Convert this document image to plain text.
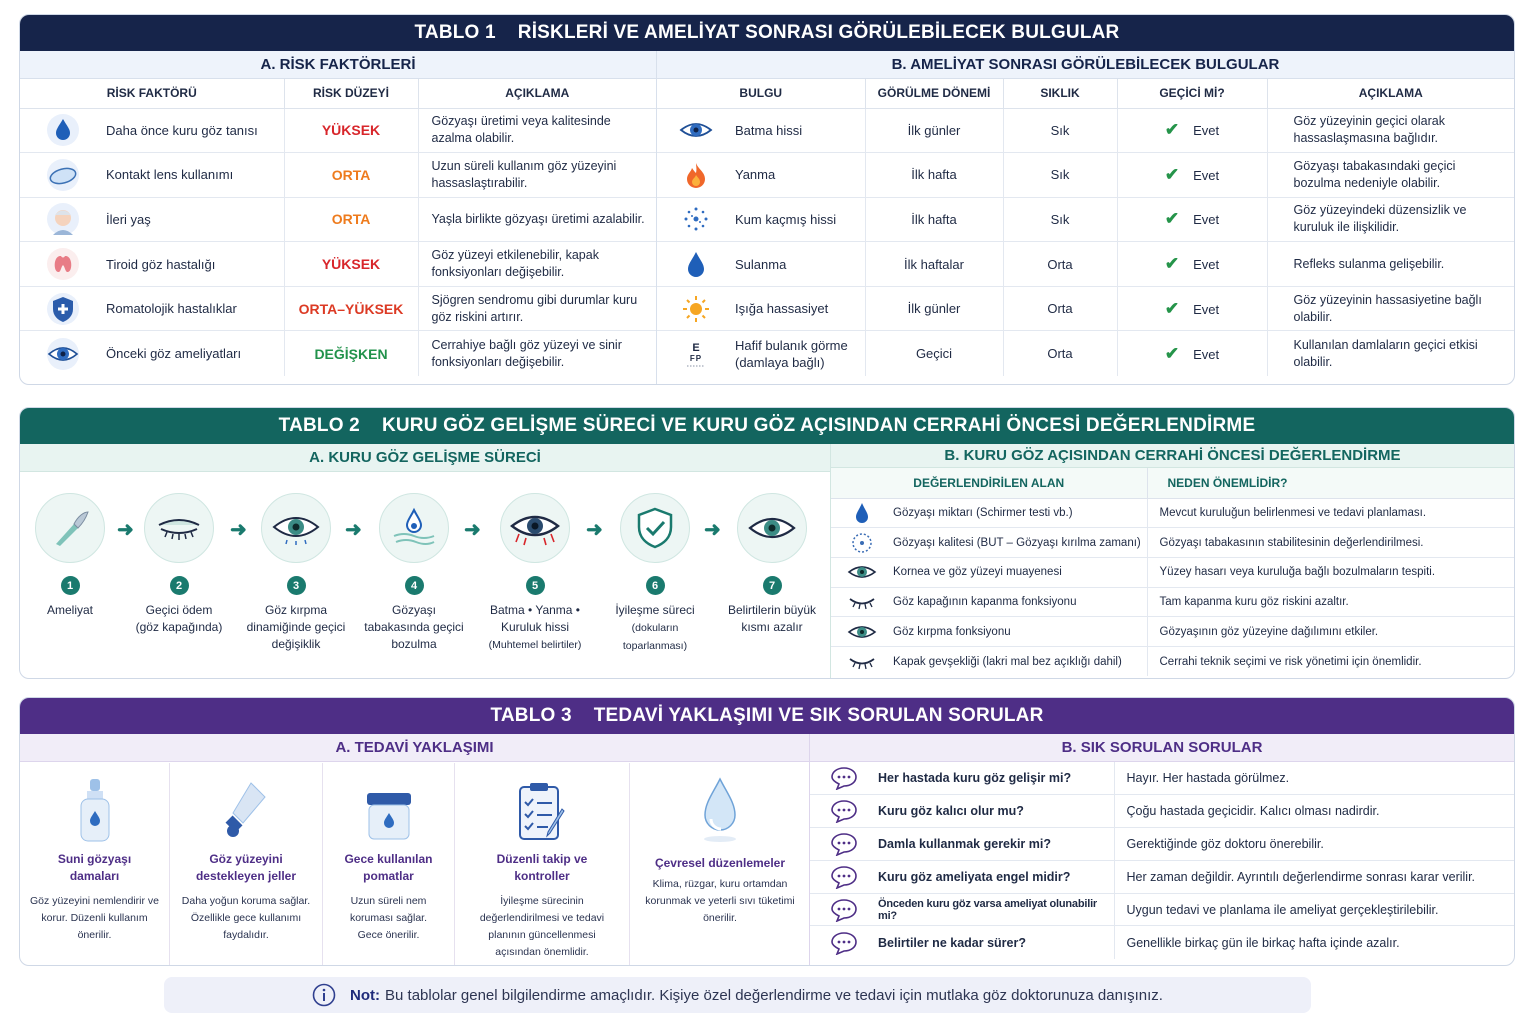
TABLO 1 RİSKLERİ VE AMELİYAT SONRASI GÖRÜLEBİLECEK BULGULAR
A. RİSK FAKTÖRLERİ
RİSK FAKTÖRÜ	RİSK DÜZEYİ	AÇIKLAMA

Daha önce kuru göz tanısı	YÜKSEK	Gözyaşı üretimi veya kalitesinde azalma olabilir.

Kontakt lens kullanımı	ORTA	Uzun süreli kullanım göz yüzeyini hassaslaştırabilir.

İleri yaş	ORTA	Yaşla birlikte gözyaşı üretimi azalabilir.

Tiroid göz hastalığı	YÜKSEK	Göz yüzeyi etkilenebilir, kapak fonksiyonları değişebilir.

Romatolojik hastalıklar	ORTA–YÜKSEK	Sjögren sendromu gibi durumlar kuru göz riskini artırır.

Önceki göz ameliyatları	DEĞİŞKEN	Cerrahiye bağlı göz yüzeyi ve sinir fonksiyonları değişebilir.
B. AMELİYAT SONRASI GÖRÜLEBİLECEK BULGULAR
BULGU	GÖRÜLME DÖNEMİ	SIKLIK	GEÇİCİ Mİ?	AÇIKLAMA

Batma hissi	İlk günler	Sık	✔ Evet	Göz yüzeyinin geçici olarak hassaslaşmasına bağlıdır.

Yanma	İlk hafta	Sık	✔ Evet	Gözyaşı tabakasındaki geçici bozulma nedeniyle olabilir.

Kum kaçmış hissi	İlk hafta	Sık	✔ Evet	Göz yüzeyindeki düzensizlik ve kuruluk ile ilişkilidir.

Sulanma	İlk haftalar	Orta	✔ Evet	Refleks sulanma gelişebilir.

Işığa hassasiyet	İlk günler	Orta	✔ Evet	Göz yüzeyinin hassasiyetine bağlı olabilir.

E
FP
Hafif bulanık görme (damlaya bağlı)	Geçici	Orta	✔ Evet	Kullanılan damlaların geçici etkisi olabilir.
TABLO 2 KURU GÖZ GELİŞME SÜRECİ VE KURU GÖZ AÇISINDAN CERRAHİ ÖNCESİ DEĞERLENDİRME
A. KURU GÖZ GELİŞME SÜRECİ
1
Ameliyat
➜
2
Geçici ödem
(göz kapağında)
➜
3
Göz kırpma dinamiğinde geçici değişiklik
➜
4
Gözyaşı tabakasında geçici bozulma
➜
5
Batma • Yanma • Kuruluk hissi
(Muhtemel belirtiler)
➜
6
İyileşme süreci
(dokuların toparlanması)
➜
7
Belirtilerin büyük kısmı azalır
B. KURU GÖZ AÇISINDAN CERRAHİ ÖNCESİ DEĞERLENDİRME
DEĞERLENDİRİLEN ALAN	NEDEN ÖNEMLİDİR?

Gözyaşı miktarı (Schirmer testi vb.)	Mevcut kuruluğun belirlenmesi ve tedavi planlaması.

Gözyaşı kalitesi (BUT – Gözyaşı kırılma zamanı)	Gözyaşı tabakasının stabilitesinin değerlendirilmesi.

Kornea ve göz yüzeyi muayenesi	Yüzey hasarı veya kuruluğa bağlı bozulmaların tespiti.

Göz kapağının kapanma fonksiyonu	Tam kapanma kuru göz riskini azaltır.

Göz kırpma fonksiyonu	Gözyaşının göz yüzeyine dağılımını etkiler.

Kapak gevşekliği (lakri mal bez açıklığı dahil)	Cerrahi teknik seçimi ve risk yönetimi için önemlidir.
TABLO 3 TEDAVİ YAKLAŞIMI VE SIK SORULAN SORULAR
A. TEDAVİ YAKLAŞIMI
Suni gözyaşı damaları
Göz yüzeyini nemlendirir ve korur. Düzenli kullanım önerilir.
Göz yüzeyini destekleyen jeller
Daha yoğun koruma sağlar. Özellikle gece kullanımı faydalıdır.
Gece kullanılan pomatlar
Uzun süreli nem koruması sağlar. Gece önerilir.
Düzenli takip ve kontroller
İyileşme sürecinin değerlendirilmesi ve tedavi planının güncellenmesi açısından önemlidir.
Çevresel düzenlemeler
Klima, rüzgar, kuru ortamdan korunmak ve yeterli sıvı tüketimi önerilir.
B. SIK SORULAN SORULAR
Her hastada kuru göz gelişir mi?	Hayır. Her hastada görülmez.

Kuru göz kalıcı olur mu?	Çoğu hastada geçicidir. Kalıcı olması nadirdir.

Damla kullanmak gerekir mi?	Gerektiğinde göz doktoru önerebilir.

Kuru göz ameliyata engel midir?	Her zaman değildir. Ayrıntılı değerlendirme sonrası karar verilir.

Önceden kuru göz varsa ameliyat olunabilir mi?	Uygun tedavi ve planlama ile ameliyat gerçekleştirilebilir.

Belirtiler ne kadar sürer?	Genellikle birkaç gün ile birkaç hafta içinde azalır.
Not: Bu tablolar genel bilgilendirme amaçlıdır. Kişiye özel değerlendirme ve tedavi için mutlaka göz doktorunuza danışınız.
